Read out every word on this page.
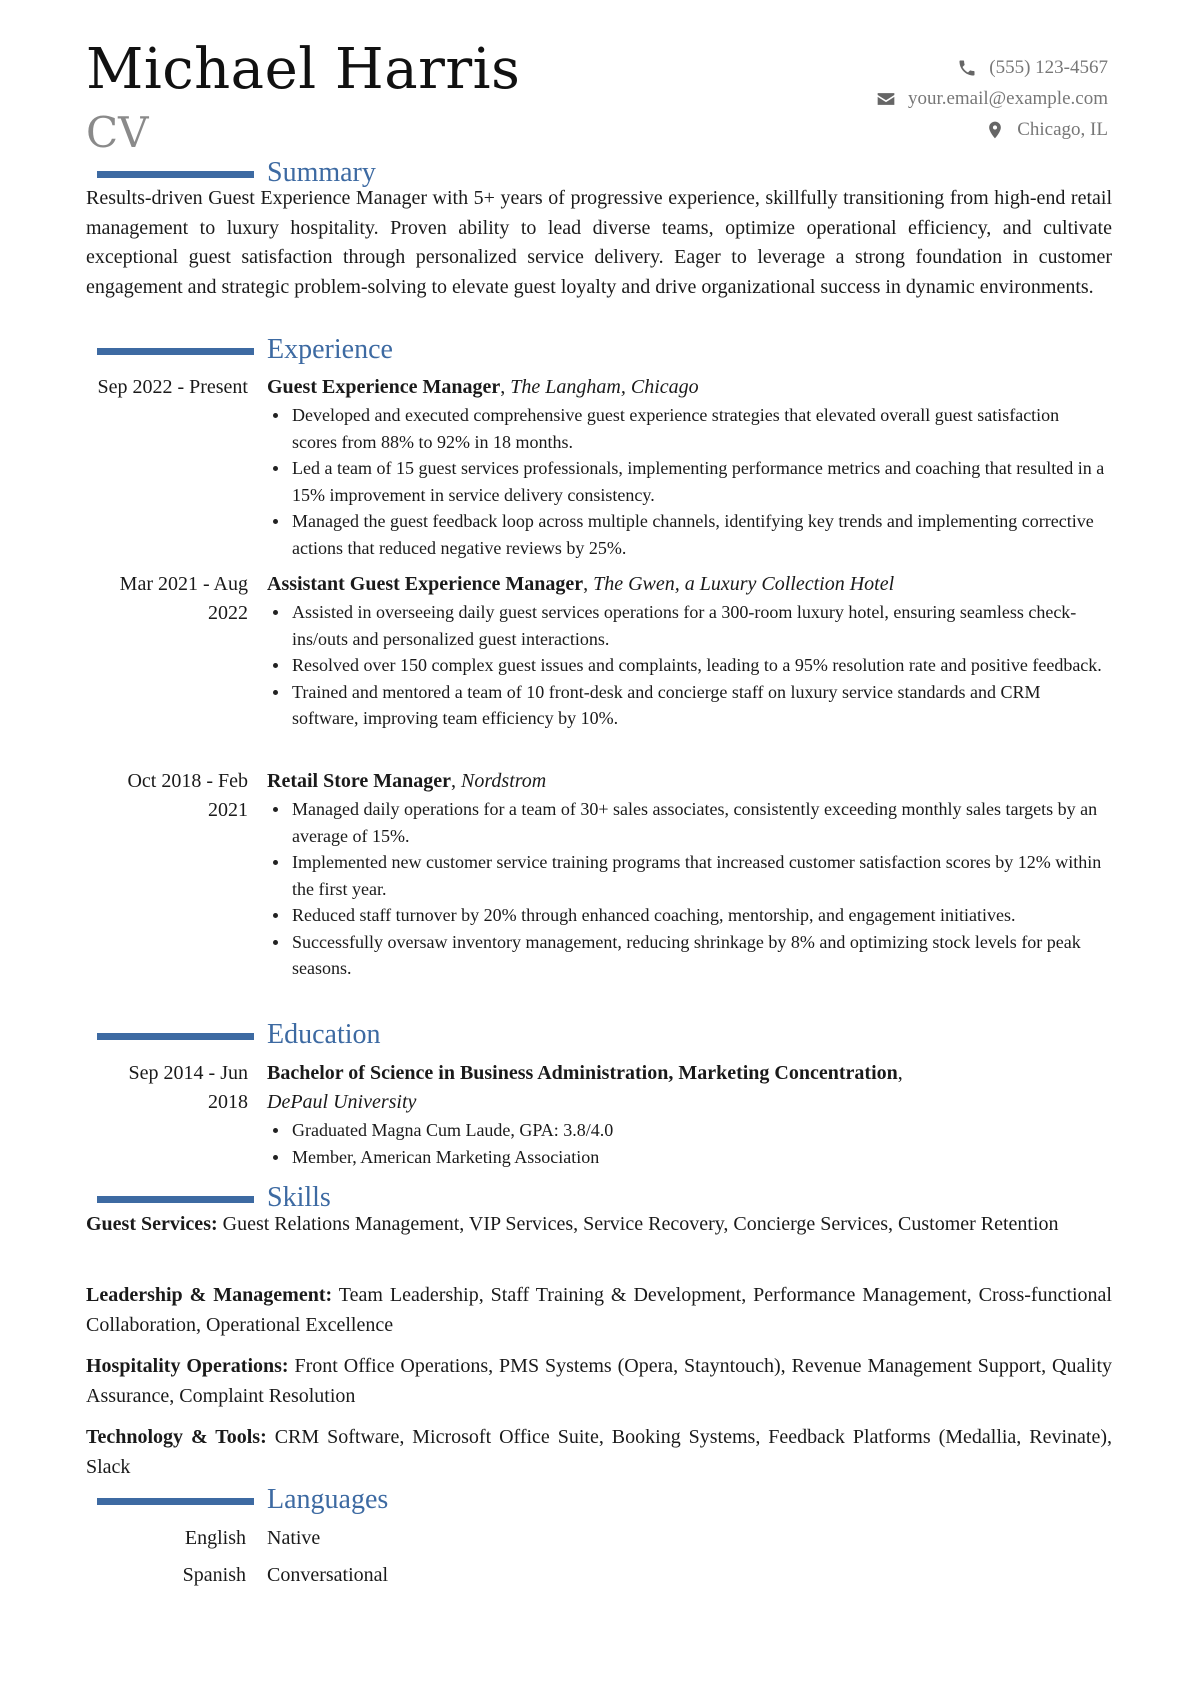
Michael Harris
CV
(555) 123-4567
your.email@example.com
Chicago, IL
Summary
Results-driven Guest Experience Manager with 5+ years of progressive experience, skillfully transitioning from high-end retail management to luxury hospitality. Proven ability to lead diverse teams, optimize operational efficiency, and cultivate exceptional guest satisfaction through personalized service delivery. Eager to leverage a strong foundation in customer engagement and strategic problem-solving to elevate guest loyalty and drive organizational success in dynamic environments.
Experience
Sep 2022 - Present Guest Experience Manager, The Langham, Chicago
Developed and executed comprehensive guest experience strategies that elevated overall guest satisfaction scores from 88% to 92% in 18 months.
Led a team of 15 guest services professionals, implementing performance metrics and coaching that resulted in a 15% improvement in service delivery consistency.
Managed the guest feedback loop across multiple channels, identifying key trends and implementing corrective actions that reduced negative reviews by 25%.
Mar 2021 - Aug 2022
Assistant Guest Experience Manager, The Gwen, a Luxury Collection Hotel
Assisted in overseeing daily guest services operations for a 300-room luxury hotel, ensuring seamless check-ins/outs and personalized guest interactions.
Resolved over 150 complex guest issues and complaints, leading to a 95% resolution rate and positive feedback.
Trained and mentored a team of 10 front-desk and concierge staff on luxury service standards and CRM software, improving team efficiency by 10%.
Oct 2018 - Feb 2021
Retail Store Manager, Nordstrom
Managed daily operations for a team of 30+ sales associates, consistently exceeding monthly sales targets by an average of 15%.
Implemented new customer service training programs that increased customer satisfaction scores by 12% within the first year.
Reduced staff turnover by 20% through enhanced coaching, mentorship, and engagement initiatives.
Successfully oversaw inventory management, reducing shrinkage by 8% and optimizing stock levels for peak seasons.
Education
Sep 2014 - Jun 2018
Bachelor of Science in Business Administration, Marketing Concentration,
DePaul University
Graduated Magna Cum Laude, GPA: 3.8/4.0
Member, American Marketing Association
Skills
Guest Services: Guest Relations Management, VIP Services, Service Recovery, Concierge Services, Customer Retention
Leadership & Management: Team Leadership, Staff Training & Development, Performance Management, Cross-functional Collaboration, Operational Excellence
Hospitality Operations: Front Office Operations, PMS Systems (Opera, Stayntouch), Revenue Management Support, Quality Assurance, Complaint Resolution
Technology & Tools: CRM Software, Microsoft Office Suite, Booking Systems, Feedback Platforms (Medallia, Revinate), Slack
Languages
English Native
Spanish Conversational
